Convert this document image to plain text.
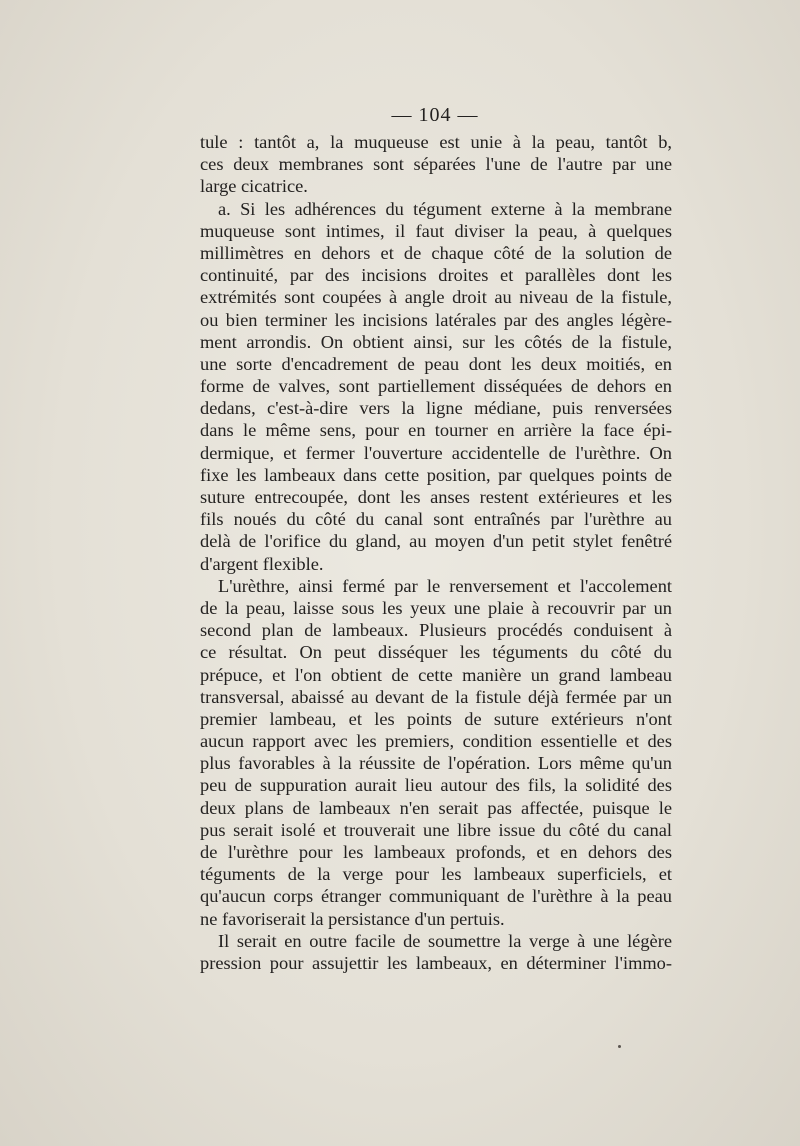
— 104 —
tule : tantôt a, la muqueuse est unie à la peau, tantôt b,
ces deux membranes sont séparées l'une de l'autre par une
large cicatrice.
a. Si les adhérences du tégument externe à la membrane
muqueuse sont intimes, il faut diviser la peau, à quelques
millimètres en dehors et de chaque côté de la solution de
continuité, par des incisions droites et parallèles dont les
extrémités sont coupées à angle droit au niveau de la fistule,
ou bien terminer les incisions latérales par des angles légère-
ment arrondis. On obtient ainsi, sur les côtés de la fistule,
une sorte d'encadrement de peau dont les deux moitiés, en
forme de valves, sont partiellement disséquées de dehors en
dedans, c'est-à-dire vers la ligne médiane, puis renversées
dans le même sens, pour en tourner en arrière la face épi-
dermique, et fermer l'ouverture accidentelle de l'urèthre. On
fixe les lambeaux dans cette position, par quelques points de
suture entrecoupée, dont les anses restent extérieures et les
fils noués du côté du canal sont entraînés par l'urèthre au
delà de l'orifice du gland, au moyen d'un petit stylet fenêtré
d'argent flexible.
L'urèthre, ainsi fermé par le renversement et l'accolement
de la peau, laisse sous les yeux une plaie à recouvrir par un
second plan de lambeaux. Plusieurs procédés conduisent à
ce résultat. On peut disséquer les téguments du côté du
prépuce, et l'on obtient de cette manière un grand lambeau
transversal, abaissé au devant de la fistule déjà fermée par un
premier lambeau, et les points de suture extérieurs n'ont
aucun rapport avec les premiers, condition essentielle et des
plus favorables à la réussite de l'opération. Lors même qu'un
peu de suppuration aurait lieu autour des fils, la solidité des
deux plans de lambeaux n'en serait pas affectée, puisque le
pus serait isolé et trouverait une libre issue du côté du canal
de l'urèthre pour les lambeaux profonds, et en dehors des
téguments de la verge pour les lambeaux superficiels, et
qu'aucun corps étranger communiquant de l'urèthre à la peau
ne favoriserait la persistance d'un pertuis.
Il serait en outre facile de soumettre la verge à une légère
pression pour assujettir les lambeaux, en déterminer l'immo-
